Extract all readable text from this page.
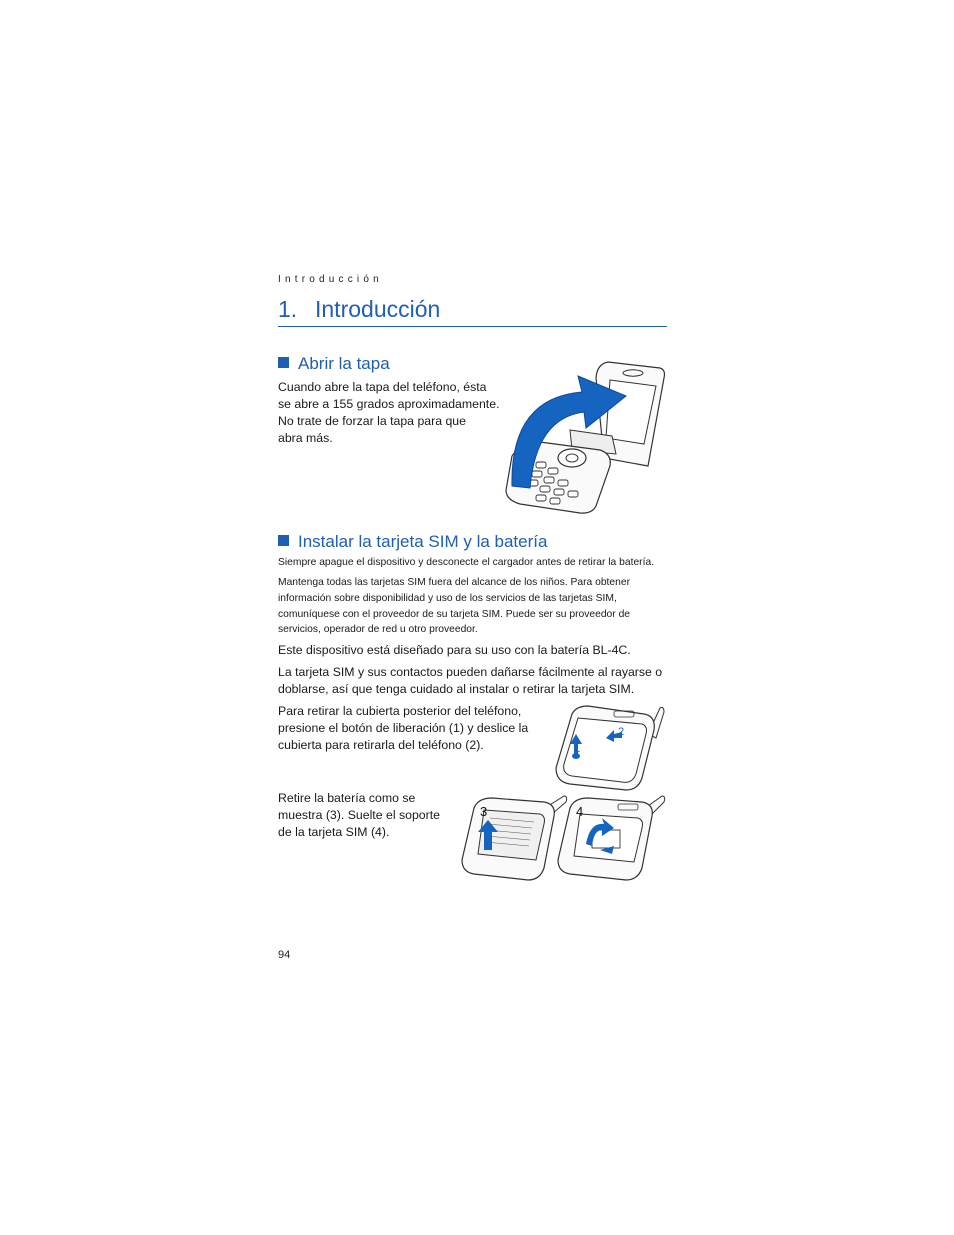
Introducción
1. Introducción
Abrir la tapa
Cuando abre la tapa del teléfono, ésta
se abre a 155 grados aproximadamente.
No trate de forzar la tapa para que
abra más.
Instalar la tarjeta SIM y la batería
Siempre apague el dispositivo y desconecte el cargador antes de retirar la batería.
Mantenga todas las tarjetas SIM fuera del alcance de los niños. Para obtener
información sobre disponibilidad y uso de los servicios de las tarjetas SIM,
comuníquese con el proveedor de su tarjeta SIM. Puede ser su proveedor de
servicios, operador de red u otro proveedor.
Este dispositivo está diseñado para su uso con la batería BL-4C.
La tarjeta SIM y sus contactos pueden dañarse fácilmente al rayarse o
doblarse, así que tenga cuidado al instalar o retirar la tarjeta SIM.
Para retirar la cubierta posterior del teléfono,
presione el botón de liberación (1) y deslice la
cubierta para retirarla del teléfono (2).	1
2
Retire la batería como se
muestra (3). Suelte el soporte
de la tarjeta SIM (4).
3	4
94
